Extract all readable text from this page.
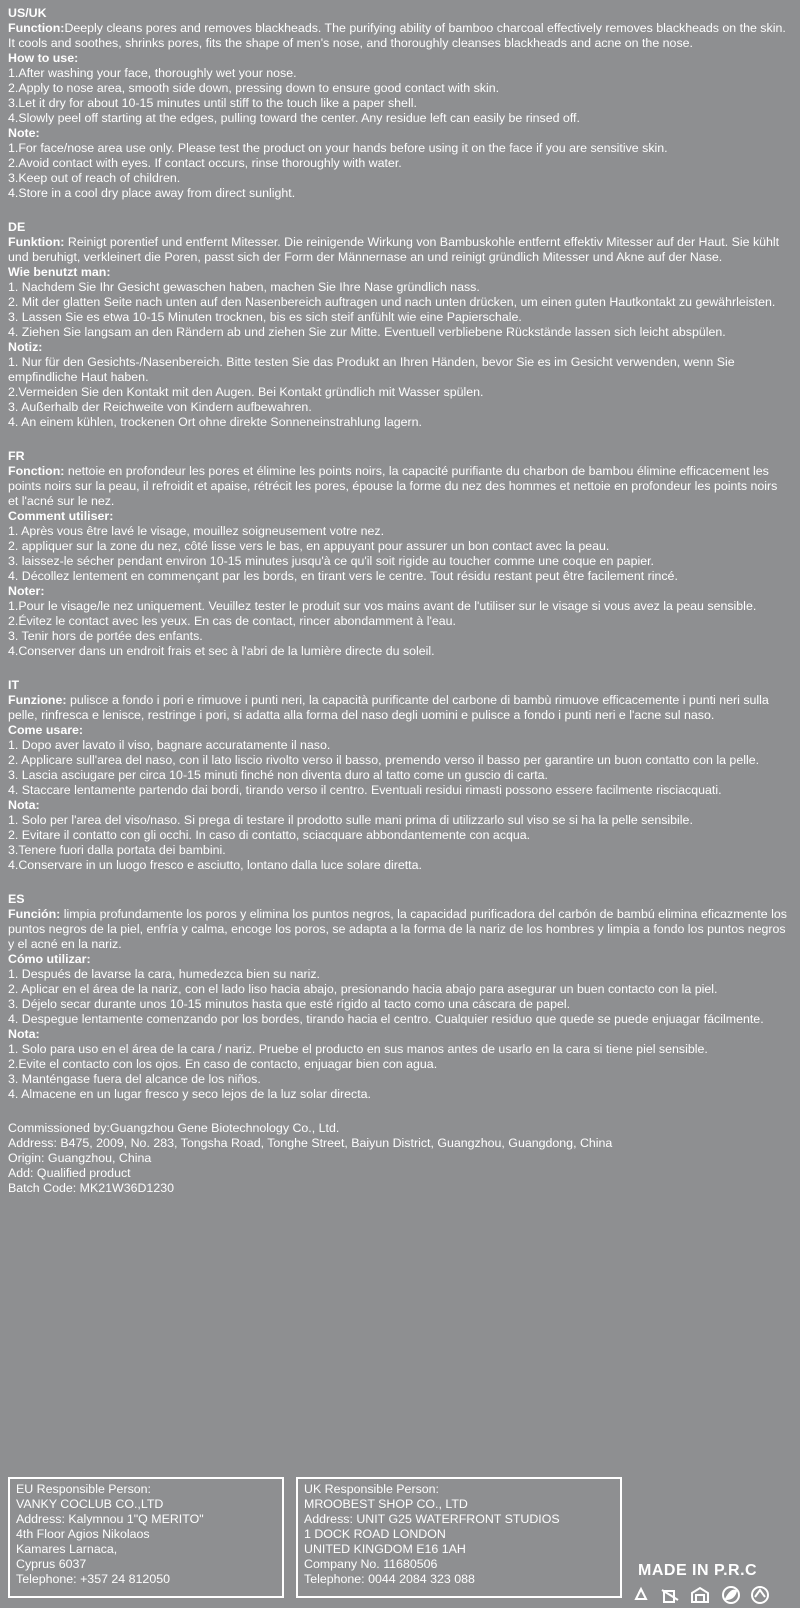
US/UK

Function:Deeply cleans pores and removes blackheads. The purifying ability of bamboo charcoal effectively removes blackheads on the skin. It cools and soothes, shrinks pores, fits the shape of men's nose, and thoroughly cleanses blackheads and acne on the nose.

How to use:

1.After washing your face, thoroughly wet your nose.

2.Apply to nose area, smooth side down, pressing down to ensure good contact with skin.

3.Let it dry for about 10-15 minutes until stiff to the touch like a paper shell.

4.Slowly peel off starting at the edges, pulling toward the center. Any residue left can easily be rinsed off.

Note:

1.For face/nose area use only. Please test the product on your hands before using it on the face if you are sensitive skin.

2.Avoid contact with eyes. If contact occurs, rinse thoroughly with water.

3.Keep out of reach of children.

4.Store in a cool dry place away from direct sunlight.

DE

Funktion: Reinigt porentief und entfernt Mitesser. Die reinigende Wirkung von Bambuskohle entfernt effektiv Mitesser auf der Haut. Sie kühlt und beruhigt, verkleinert die Poren, passt sich der Form der Männernase an und reinigt gründlich Mitesser und Akne auf der Nase.

Wie benutzt man:

1. Nachdem Sie Ihr Gesicht gewaschen haben, machen Sie Ihre Nase gründlich nass.

2. Mit der glatten Seite nach unten auf den Nasenbereich auftragen und nach unten drücken, um einen guten Hautkontakt zu gewährleisten.

3. Lassen Sie es etwa 10-15 Minuten trocknen, bis es sich steif anfühlt wie eine Papierschale.

4. Ziehen Sie langsam an den Rändern ab und ziehen Sie zur Mitte. Eventuell verbliebene Rückstände lassen sich leicht abspülen.

Notiz:

1. Nur für den Gesichts-/Nasenbereich. Bitte testen Sie das Produkt an Ihren Händen, bevor Sie es im Gesicht verwenden, wenn Sie empfindliche Haut haben.

2.Vermeiden Sie den Kontakt mit den Augen. Bei Kontakt gründlich mit Wasser spülen.

3. Außerhalb der Reichweite von Kindern aufbewahren.

4. An einem kühlen, trockenen Ort ohne direkte Sonneneinstrahlung lagern.

FR

Fonction: nettoie en profondeur les pores et élimine les points noirs, la capacité purifiante du charbon de bambou élimine efficacement les points noirs sur la peau, il refroidit et apaise, rétrécit les pores, épouse la forme du nez des hommes et nettoie en profondeur les points noirs et l'acné sur le nez.

Comment utiliser:

1. Après vous être lavé le visage, mouillez soigneusement votre nez.

2. appliquer sur la zone du nez, côté lisse vers le bas, en appuyant pour assurer un bon contact avec la peau.

3. laissez-le sécher pendant environ 10-15 minutes jusqu'à ce qu'il soit rigide au toucher comme une coque en papier.

4. Décollez lentement en commençant par les bords, en tirant vers le centre. Tout résidu restant peut être facilement rincé.

Noter:

1.Pour le visage/le nez uniquement. Veuillez tester le produit sur vos mains avant de l'utiliser sur le visage si vous avez la peau sensible.

2.Évitez le contact avec les yeux. En cas de contact, rincer abondamment à l'eau.

3. Tenir hors de portée des enfants.

4.Conserver dans un endroit frais et sec à l'abri de la lumière directe du soleil.

IT

Funzione: pulisce a fondo i pori e rimuove i punti neri, la capacità purificante del carbone di bambù rimuove efficacemente i punti neri sulla pelle, rinfresca e lenisce, restringe i pori, si adatta alla forma del naso degli uomini e pulisce a fondo i punti neri e l'acne sul naso.

Come usare:

1. Dopo aver lavato il viso, bagnare accuratamente il naso.

2. Applicare sull'area del naso, con il lato liscio rivolto verso il basso, premendo verso il basso per garantire un buon contatto con la pelle.

3. Lascia asciugare per circa 10-15 minuti finché non diventa duro al tatto come un guscio di carta.

4. Staccare lentamente partendo dai bordi, tirando verso il centro. Eventuali residui rimasti possono essere facilmente risciacquati.

Nota:

1. Solo per l'area del viso/naso. Si prega di testare il prodotto sulle mani prima di utilizzarlo sul viso se si ha la pelle sensibile.

2. Evitare il contatto con gli occhi. In caso di contatto, sciacquare abbondantemente con acqua.

3.Tenere fuori dalla portata dei bambini.

4.Conservare in un luogo fresco e asciutto, lontano dalla luce solare diretta.

ES

Función: limpia profundamente los poros y elimina los puntos negros, la capacidad purificadora del carbón de bambú elimina eficazmente los puntos negros de la piel, enfría y calma, encoge los poros, se adapta a la forma de la nariz de los hombres y limpia a fondo los puntos negros y el acné en la nariz.

Cómo utilizar:

1. Después de lavarse la cara, humedezca bien su nariz.

2. Aplicar en el área de la nariz, con el lado liso hacia abajo, presionando hacia abajo para asegurar un buen contacto con la piel.

3. Déjelo secar durante unos 10-15 minutos hasta que esté rígido al tacto como una cáscara de papel.

4. Despegue lentamente comenzando por los bordes, tirando hacia el centro. Cualquier residuo que quede se puede enjuagar fácilmente.

Nota:

1. Solo para uso en el área de la cara / nariz. Pruebe el producto en sus manos antes de usarlo en la cara si tiene piel sensible.

2.Evite el contacto con los ojos. En caso de contacto, enjuagar bien con agua.

3. Manténgase fuera del alcance de los niños.

4. Almacene en un lugar fresco y seco lejos de la luz solar directa.

Commissioned by:Guangzhou Gene Biotechnology Co., Ltd.

Address: B475, 2009, No. 283, Tongsha Road, Tonghe Street, Baiyun District, Guangzhou, Guangdong, China

Origin: Guangzhou, China

Add: Qualified product

Batch Code: MK21W36D1230

EU Responsible Person:
VANKY COCLUB CO.,LTD
Address: Kalymnou 1"Q MERITO"
4th Floor Agios Nikolaos
Kamares Larnaca,
Cyprus 6037
Telephone: +357 24 812050
UK Responsible Person:
MROOBEST SHOP CO., LTD
Address: UNIT G25 WATERFRONT STUDIOS
1 DOCK ROAD LONDON
UNITED KINGDOM E16 1AH
Company No. 11680506
Telephone: 0044 2084 323 088	MADE IN P.R.C
